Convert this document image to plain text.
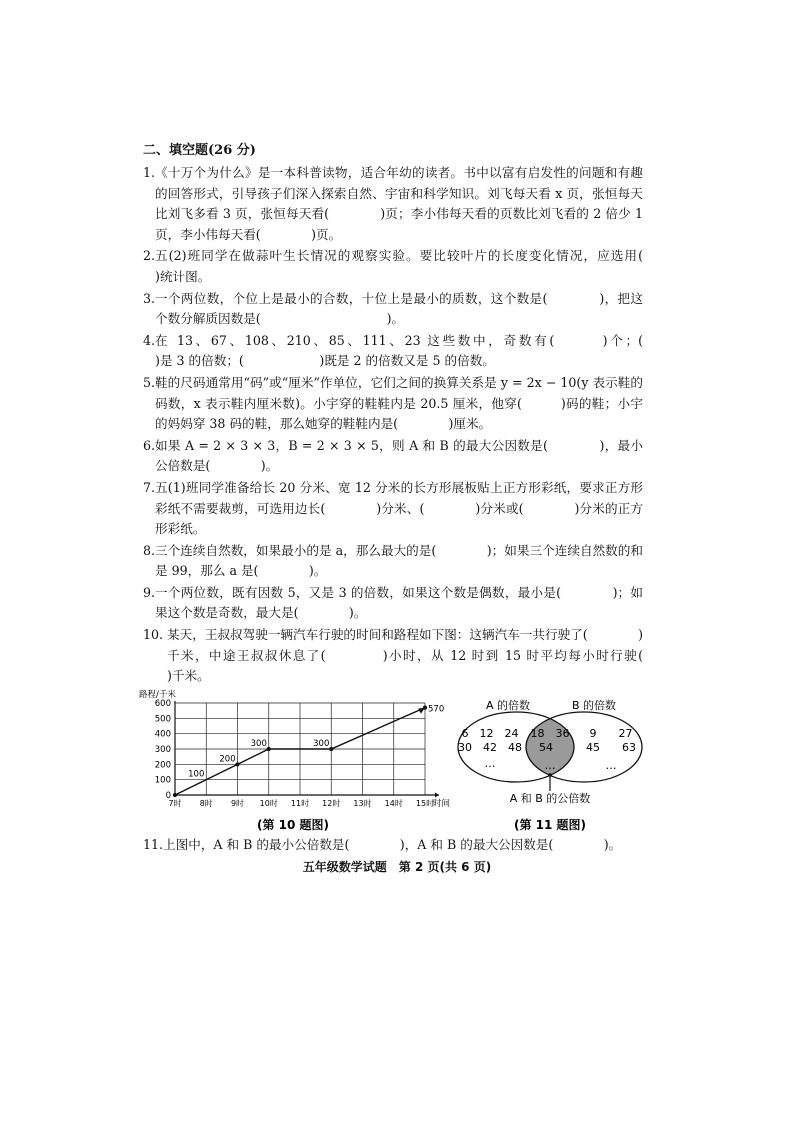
二、填空题(26 分)
1. 《十万个为什么》是一本科普读物，适合年幼的读者。书中以富有启发性的问题和有趣的回答形式，引导孩子们深入探索自然、宇宙和科学知识。刘飞每天看 x 页，张恒每天比刘飞多看 3 页，张恒每天看(　　　　)页；李小伟每天看的页数比刘飞看的 2 倍少 1 页，李小伟每天看(　　　　)页。
2. 五(2)班同学在做蒜叶生长情况的观察实验。要比较叶片的长度变化情况，应选用(　　　　)统计图。
3. 一个两位数，个位上是最小的合数，十位上是最小的质数，这个数是(　　　　)，把这个数分解质因数是(　　　　　　　　　　)。
4. 在 13、67、108、210、85、111、23 这些数中，奇数有(　　　)个；(　　　　　　　)是 3 的倍数；(　　　　　　)既是 2 的倍数又是 5 的倍数。
5. 鞋的尺码通常用“码”或“厘米”作单位，它们之间的换算关系是 y = 2x − 10(y 表示鞋的码数，x 表示鞋内厘米数)。小宇穿的鞋鞋内是 20.5 厘米，他穿(　　　)码的鞋；小宇的妈妈穿 38 码的鞋，那么她穿的鞋鞋内是(　　　　)厘米。
6. 如果 A = 2 × 3 × 3，B = 2 × 3 × 5，则 A 和 B 的最大公因数是(　　　　)，最小公倍数是(　　　　)。
7. 五(1)班同学准备给长 20 分米、宽 12 分米的长方形展板贴上正方形彩纸，要求正方形彩纸不需要裁剪，可选用边长(　　　　)分米、(　　　　)分米或(　　　　)分米的正方形彩纸。
8. 三个连续自然数，如果最小的是 a，那么最大的是(　　　　)；如果三个连续自然数的和是 99，那么 a 是(　　　　)。
9. 一个两位数，既有因数 5，又是 3 的倍数，如果这个数是偶数，最小是(　　　　)；如果这个数是奇数，最大是(　　　　)。
10. 某天，王叔叔驾驶一辆汽车行驶的时间和路程如下图：这辆汽车一共行驶了(　　　　)千米，中途王叔叔休息了(　　　　)小时，从 12 时到 15 时平均每小时行驶(　　　　)千米。
路程/千米
0
100
200
300
400
500
600
7时 8时 9时 10时 11时 12时 13时 14时 15时
100
200
300	300
570
时间
(第 10 题图)
A 的倍数	B 的倍数
6　12　24
30　42　48
…
18　36
54
…
9　　27
45　　63
…
A 和 B 的公倍数
(第 11 题图)
11. 上图中，A 和 B 的最小公倍数是(　　　　)，A 和 B 的最大公因数是(　　　　)。
五年级数学试题　第 2 页(共 6 页)
